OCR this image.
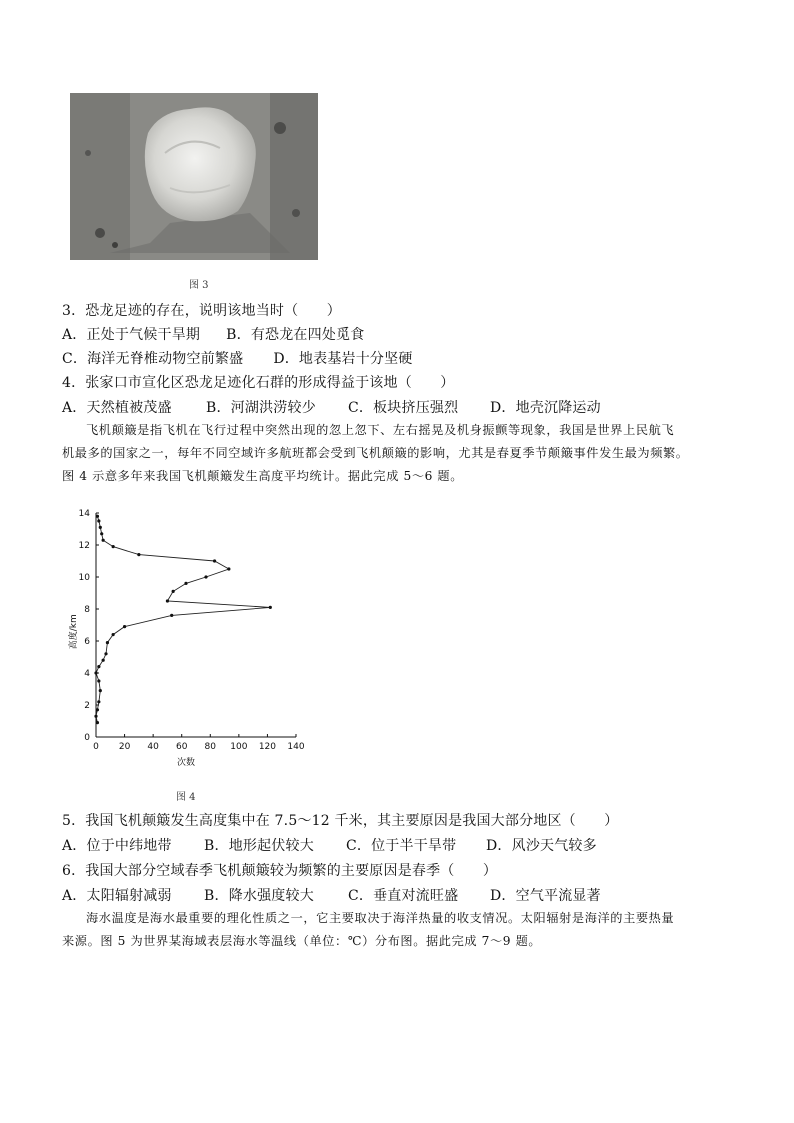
图 3
3．恐龙足迹的存在，说明该地当时（　　）
A．正处于气候干旱期 B．有恐龙在四处觅食
C．海洋无脊椎动物空前繁盛 D．地表基岩十分坚硬
4．张家口市宣化区恐龙足迹化石群的形成得益于该地（　　）
A．天然植被茂盛 B．河湖洪涝较少 C．板块挤压强烈 D．地壳沉降运动
飞机颠簸是指飞机在飞行过程中突然出现的忽上忽下、左右摇晃及机身振颤等现象，我国是世界上民航飞
机最多的国家之一，每年不同空域许多航班都会受到飞机颠簸的影响，尤其是春夏季节颠簸事件发生最为频繁。
图 4 示意多年来我国飞机颠簸发生高度平均统计。据此完成 5～6 题。
0 20 40 60 80 100 120 140
0
2
4
6
8
10
12
14
次数
高度/km
图 4
5．我国飞机颠簸发生高度集中在 7.5～12 千米，其主要原因是我国大部分地区（　　）
A．位于中纬地带 B．地形起伏较大 C．位于半干旱带 D．风沙天气较多
6．我国大部分空域春季飞机颠簸较为频繁的主要原因是春季（　　）
A．太阳辐射减弱 B．降水强度较大 C．垂直对流旺盛 D．空气平流显著
海水温度是海水最重要的理化性质之一，它主要取决于海洋热量的收支情况。太阳辐射是海洋的主要热量
来源。图 5 为世界某海域表层海水等温线（单位：℃）分布图。据此完成 7～9 题。
